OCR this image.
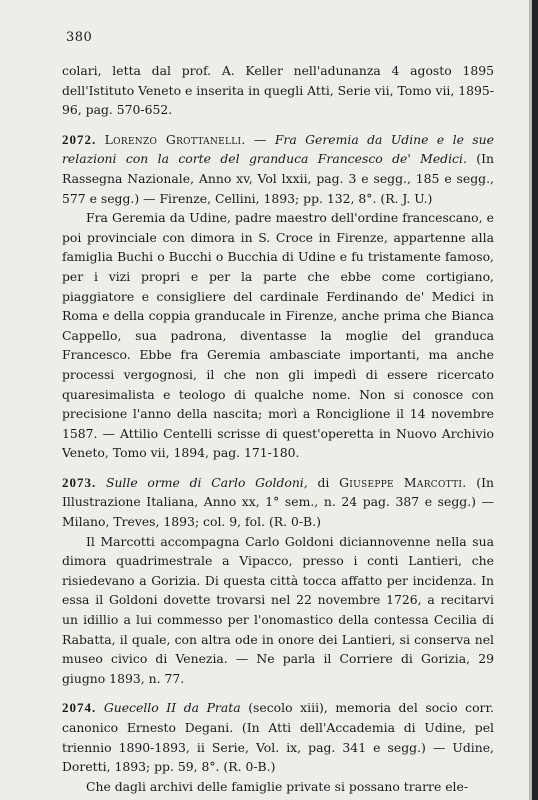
380

colari, letta dal prof. A. Keller nell'adunanza 4 agosto 1895 dell'Istituto Veneto e inserita in quegli Atti, Serie vii, Tomo vii, 1895-96, pag. 570-652.

2072. Lorenzo Grottanelli. — Fra Geremia da Udine e le sue relazioni con la corte del granduca Francesco de' Medici. (In Rassegna Nazionale, Anno xv, Vol lxxii, pag. 3 e segg., 185 e segg., 577 e segg.) — Firenze, Cellini, 1893; pp. 132, 8°. (R. J. U.)

Fra Geremia da Udine, padre maestro dell'ordine francescano, e poi provinciale con dimora in S. Croce in Firenze, appartenne alla famiglia Buchi o Bucchi o Bucchia di Udine e fu tristamente famoso, per i vizi propri e per la parte che ebbe come cortigiano, piaggiatore e consigliere del cardinale Ferdinando de' Medici in Roma e della coppia granducale in Firenze, anche prima che Bianca Cappello, sua padrona, diventasse la moglie del granduca Francesco. Ebbe fra Geremia ambasciate importanti, ma anche processi vergognosi, il che non gli impedì di essere ricercato quaresimalista e teologo di qualche nome. Non si conosce con precisione l'anno della nascita; morì a Ronciglione il 14 novembre 1587. — Attilio Centelli scrisse di quest'operetta in Nuovo Archivio Veneto, Tomo vii, 1894, pag. 171-180.

2073. Sulle orme di Carlo Goldoni, di Giuseppe Marcotti. (In Illustrazione Italiana, Anno xx, 1° sem., n. 24 pag. 387 e segg.) — Milano, Treves, 1893; col. 9, fol. (R. 0-B.)

Il Marcotti accompagna Carlo Goldoni diciannovenne nella sua dimora quadrimestrale a Vipacco, presso i conti Lantieri, che risiedevano a Gorizia. Di questa città tocca affatto per incidenza. In essa il Goldoni dovette trovarsi nel 22 novembre 1726, a recitarvi un idillio a lui commesso per l'onomastico della contessa Cecilia di Rabatta, il quale, con altra ode in onore dei Lantieri, si conserva nel museo civico di Venezia. — Ne parla il Corriere di Gorizia, 29 giugno 1893, n. 77.

2074. Guecello II da Prata (secolo xiii), memoria del socio corr. canonico Ernesto Degani. (In Atti dell'Accademia di Udine, pel triennio 1890-1893, ii Serie, Vol. ix, pag. 341 e segg.) — Udine, Doretti, 1893; pp. 59, 8°. (R. 0-B.)

Che dagli archivi delle famiglie private si possano trarre ele-
